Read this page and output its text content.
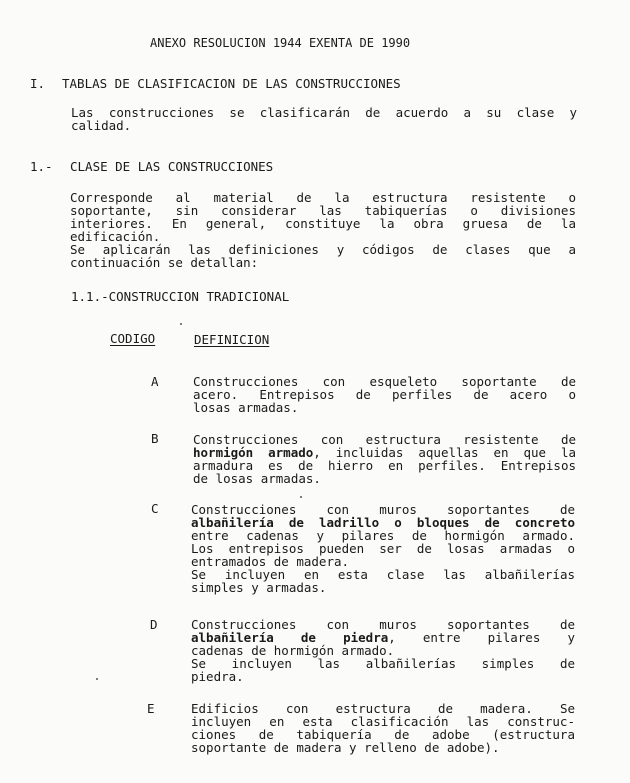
ANEXO RESOLUCION 1944 EXENTA DE 1990
I. TABLAS DE CLASIFICACION DE LAS CONSTRUCCIONES
Las construcciones se clasificarán de acuerdo a su clase y
calidad.
1.- CLASE DE LAS CONSTRUCCIONES
Corresponde al material de la estructura resistente o
soportante, sin considerar las tabiquerías o divisiones
interiores. En general, constituye la obra gruesa de la
edificación.
Se aplicarán las definiciones y códigos de clases que a
continuación se detallan:
1.1.-CONSTRUCCION TRADICIONAL
CODIGO	DEFINICION
A	Construcciones con esqueleto soportante de
acero. Entrepisos de perfiles de acero o
losas armadas.
B	Construcciones con estructura resistente de
hormigón armado, incluidas aquellas en que la
armadura es de hierro en perfiles. Entrepisos
de losas armadas.
C	Construcciones con muros soportantes de
albañilería de ladrillo o bloques de concreto
entre cadenas y pilares de hormigón armado.
Los entrepisos pueden ser de losas armadas o
entramados de madera.
Se incluyen en esta clase las albañilerías
simples y armadas.
D	Construcciones con muros soportantes de
albañilería de piedra, entre pilares y
cadenas de hormigón armado.
Se incluyen las albañilerías simples de
piedra.
E	Edificios con estructura de madera. Se
incluyen en esta clasificación las construc-
ciones de tabiquería de adobe (estructura
soportante de madera y relleno de adobe).
